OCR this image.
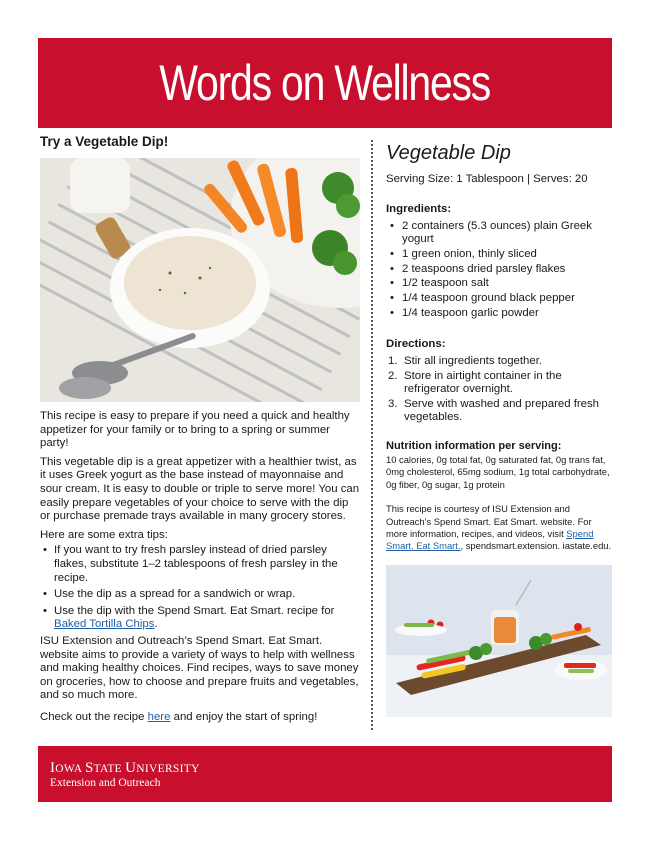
Words on Wellness
Try a Vegetable Dip!

This recipe is easy to prepare if you need a quick and healthy appetizer for your family or to bring to a spring or summer party!

This vegetable dip is a great appetizer with a healthier twist, as it uses Greek yogurt as the base instead of mayonnaise and sour cream. It is easy to double or triple to serve more! You can easily prepare vegetables of your choice to serve with the dip or purchase premade trays available in many grocery stores.

Here are some extra tips:

• If you want to try fresh parsley instead of dried parsley flakes, substitute 1–2 tablespoons of fresh parsley in the recipe.
• Use the dip as a spread for a sandwich or wrap.
• Use the dip with the Spend Smart. Eat Smart. recipe for Baked Tortilla Chips.

ISU Extension and Outreach’s Spend Smart. Eat Smart. website aims to provide a variety of ways to help with wellness and making healthy choices. Find recipes, ways to save money on groceries, how to choose and prepare fruits and vegetables, and so much more.

Check out the recipe here and enjoy the start of spring!

Vegetable Dip

Serving Size: 1 Tablespoon | Serves: 20

Ingredients:
• 2 containers (5.3 ounces) plain Greek yogurt
• 1 green onion, thinly sliced
• 2 teaspoons dried parsley flakes
• 1/2 teaspoon salt
• 1/4 teaspoon ground black pepper
• 1/4 teaspoon garlic powder
Directions:
1. Stir all ingredients together.
2. Store in airtight container in the refrigerator overnight.
3. Serve with washed and prepared fresh vegetables.

Nutrition information per serving:

10 calories, 0g total fat, 0g saturated fat, 0g trans fat, 0mg cholesterol, 65mg sodium, 1g total carbohydrate, 0g fiber, 0g sugar, 1g protein

This recipe is courtesy of ISU Extension and Outreach’s Spend Smart. Eat Smart. website. For more information, recipes, and videos, visit Spend Smart. Eat Smart., spendsmart.extension. iastate.edu.

IOWA STATE UNIVERSITY
Extension and Outreach
